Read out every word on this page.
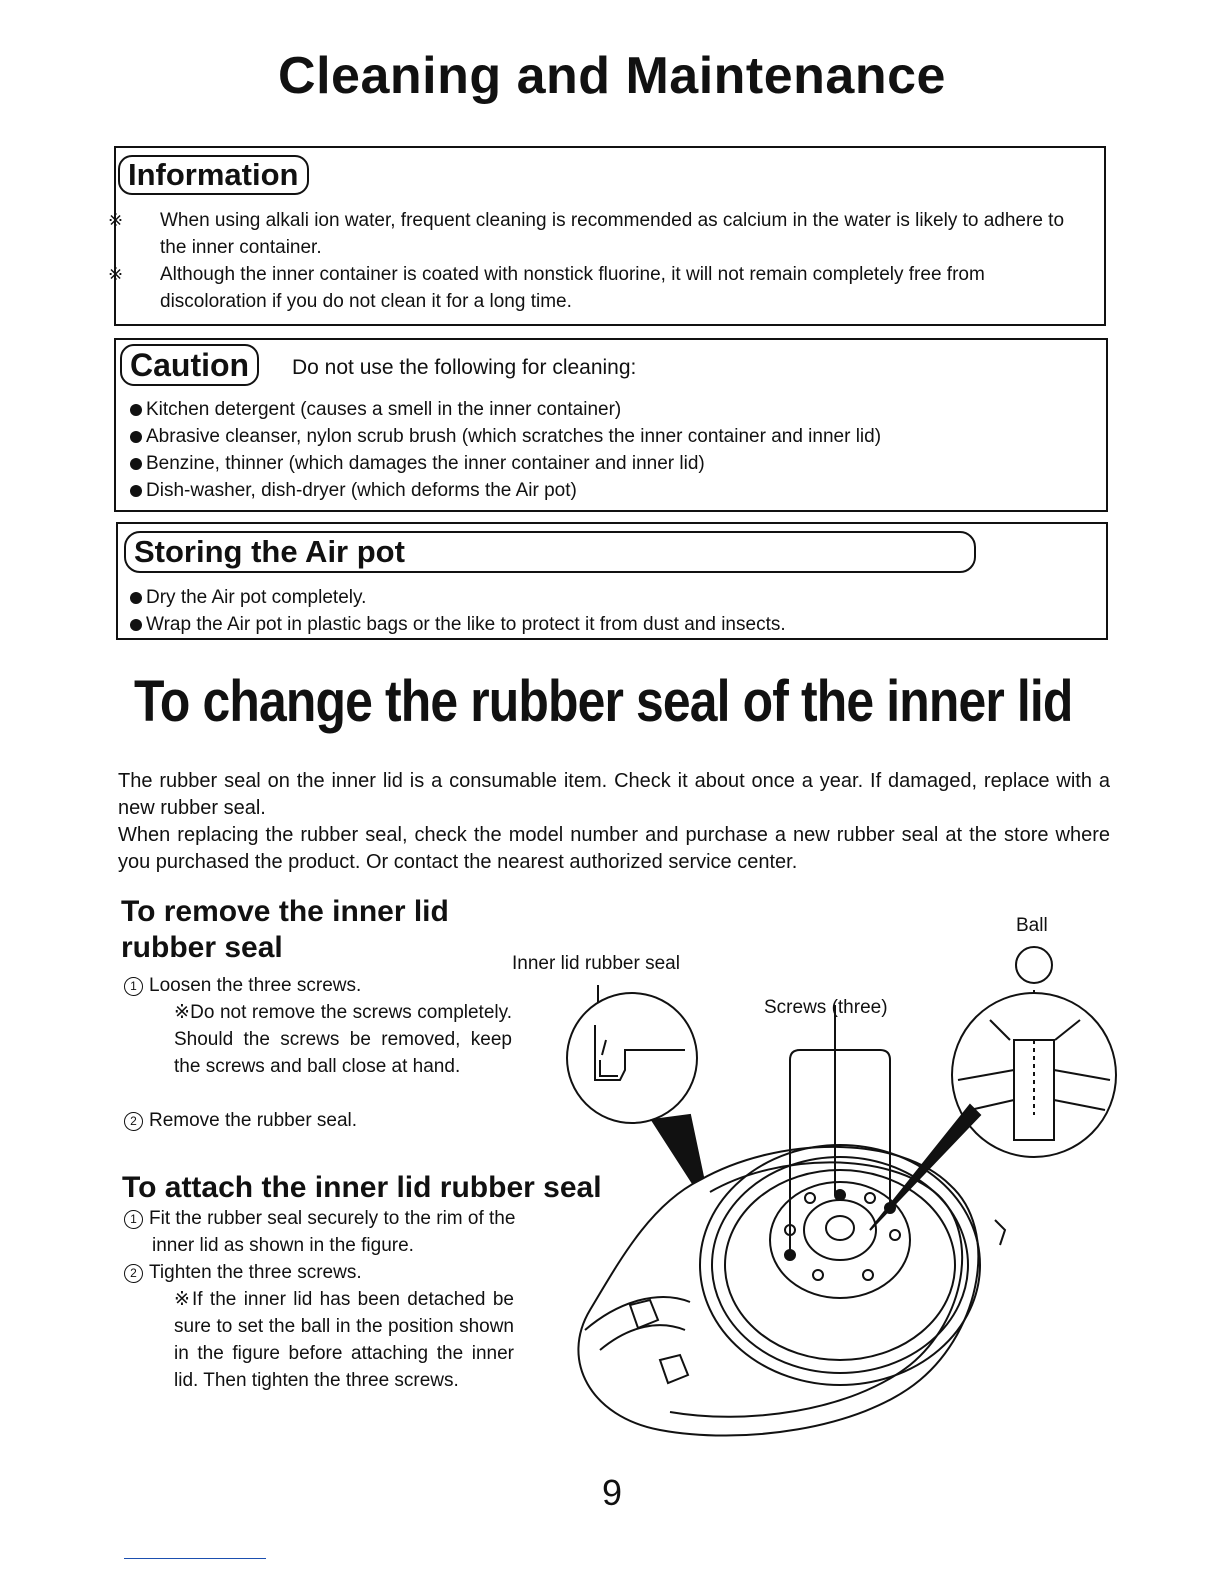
Cleaning and Maintenance
Information
※ When using alkali ion water, frequent cleaning is recommended as calcium in the water is likely to adhere to the inner container.
※ Although the inner container is coated with nonstick fluorine, it will not remain completely free from discoloration if you do not clean it for a long time.
Caution	Do not use the following for cleaning:
Kitchen detergent (causes a smell in the inner container)
Abrasive cleanser, nylon scrub brush (which scratches the inner container and inner lid)
Benzine, thinner (which damages the inner container and inner lid)
Dish-washer, dish-dryer (which deforms the Air pot)
Storing the Air pot
Dry the Air pot completely.
Wrap the Air pot in plastic bags or the like to protect it from dust and insects.
To change the rubber seal of the inner lid
The rubber seal on the inner lid is a consumable item. Check it about once a year. If damaged, replace with a new rubber seal.
When replacing the rubber seal, check the model number and purchase a new rubber seal at the store where you purchased the product. Or contact the nearest authorized service center.
To remove the inner lid
rubber seal
1 Loosen the three screws.
※Do not remove the screws completely. Should the screws be removed, keep the screws and ball close at hand.
2 Remove the rubber seal.
To attach the inner lid rubber seal
1 Fit the rubber seal securely to the rim of the inner lid as shown in the figure.
2 Tighten the three screws.
※If the inner lid has been detached be sure to set the ball in the position shown in the figure before attaching the inner lid. Then tighten the three screws.
Inner lid rubber seal
Screws (three)
Ball
9
